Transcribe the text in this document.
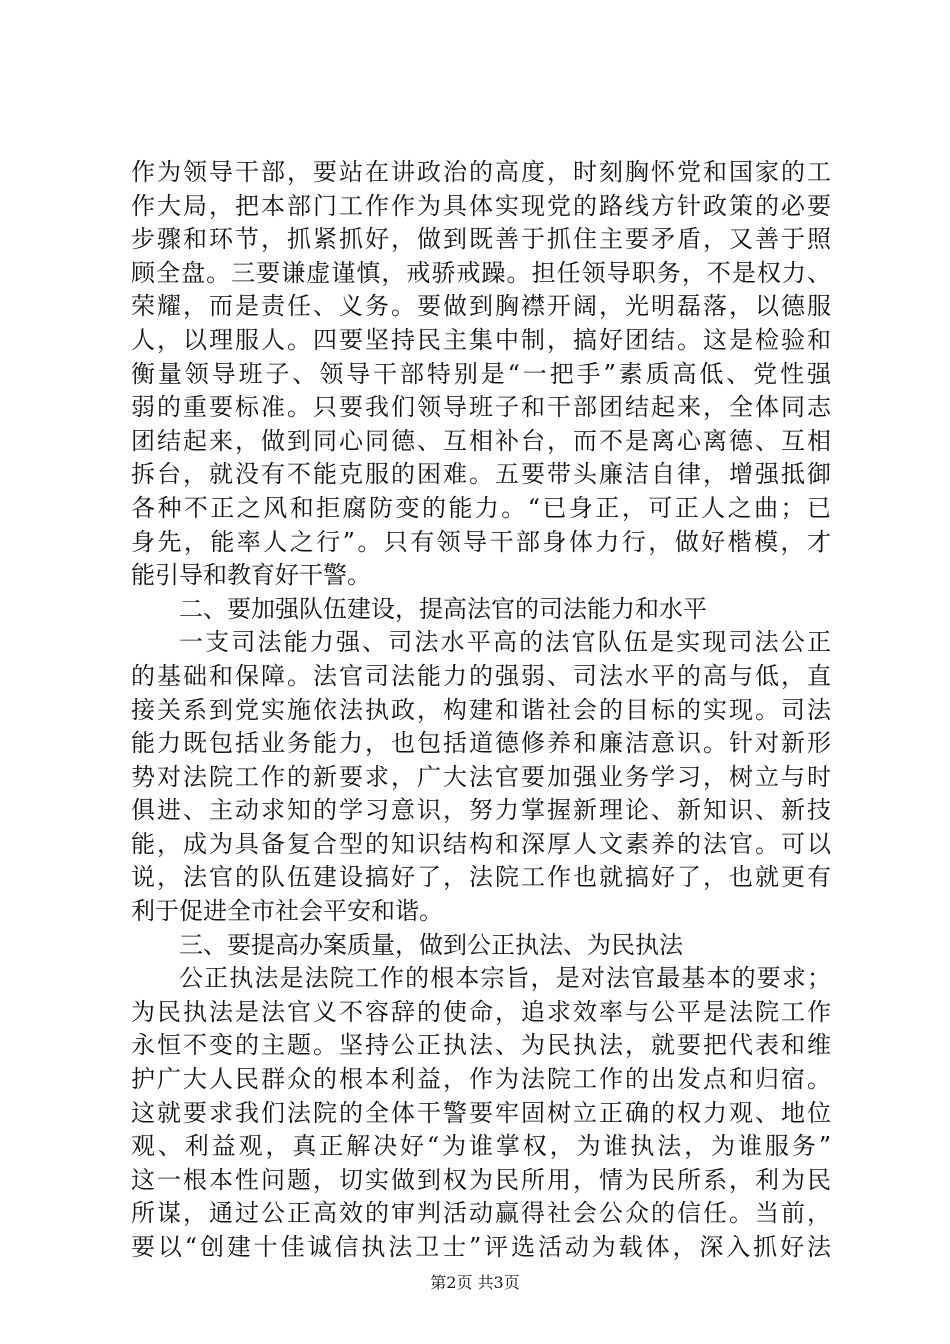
作为领导干部，要站在讲政治的高度，时刻胸怀党和国家的工
作大局，把本部门工作作为具体实现党的路线方针政策的必要
步骤和环节，抓紧抓好，做到既善于抓住主要矛盾，又善于照
顾全盘。三要谦虚谨慎，戒骄戒躁。担任领导职务，不是权力、
荣耀，而是责任、义务。要做到胸襟开阔，光明磊落，以德服
人，以理服人。四要坚持民主集中制，搞好团结。这是检验和
衡量领导班子、领导干部特别是“一把手”素质高低、党性强
弱的重要标准。只要我们领导班子和干部团结起来，全体同志
团结起来，做到同心同德、互相补台，而不是离心离德、互相
拆台，就没有不能克服的困难。五要带头廉洁自律，增强抵御
各种不正之风和拒腐防变的能力。“已身正，可正人之曲；已
身先，能率人之行”。只有领导干部身体力行，做好楷模，才
能引导和教育好干警。
二、要加强队伍建设，提高法官的司法能力和水平
一支司法能力强、司法水平高的法官队伍是实现司法公正
的基础和保障。法官司法能力的强弱、司法水平的高与低，直
接关系到党实施依法执政，构建和谐社会的目标的实现。司法
能力既包括业务能力，也包括道德修养和廉洁意识。针对新形
势对法院工作的新要求，广大法官要加强业务学习，树立与时
俱进、主动求知的学习意识，努力掌握新理论、新知识、新技
能，成为具备复合型的知识结构和深厚人文素养的法官。可以
说，法官的队伍建设搞好了，法院工作也就搞好了，也就更有
利于促进全市社会平安和谐。
三、要提高办案质量，做到公正执法、为民执法
公正执法是法院工作的根本宗旨，是对法官最基本的要求；
为民执法是法官义不容辞的使命，追求效率与公平是法院工作
永恒不变的主题。坚持公正执法、为民执法，就要把代表和维
护广大人民群众的根本利益，作为法院工作的出发点和归宿。
这就要求我们法院的全体干警要牢固树立正确的权力观、地位
观、利益观，真正解决好“为谁掌权，为谁执法，为谁服务”
这一根本性问题，切实做到权为民所用，情为民所系，利为民
所谋，通过公正高效的审判活动赢得社会公众的信任。当前，
要以“创建十佳诚信执法卫士”评选活动为载体，深入抓好法
第2页 共3页
